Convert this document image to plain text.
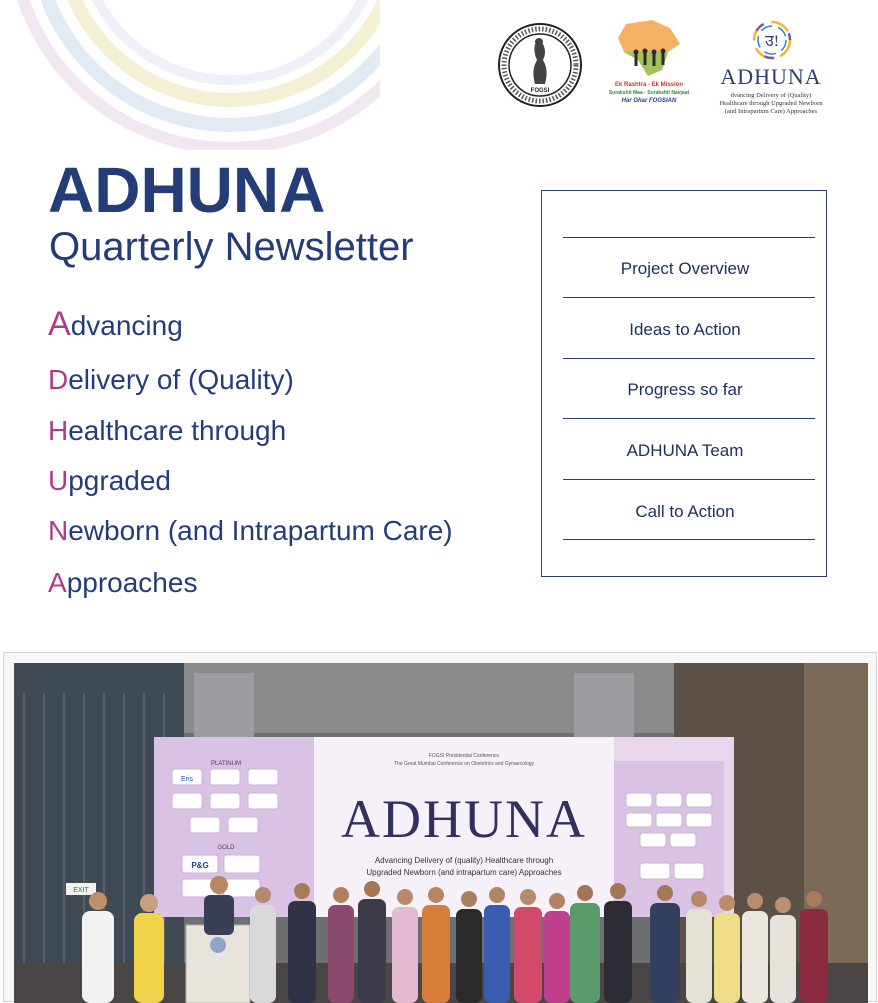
FOGSI
Ek Rashtra - Ek Mission
Surakshit Maa - Surakshit Navjaat
Har Ghar FOGSIAN
उ!
ADHUNA
dvancing Delivery of (Quality)
Healthcare through Upgraded Newborn
(and Intrapartum Care) Approaches
ADHUNA
Quarterly Newsletter

Advancing

Delivery of (Quality)

Healthcare through

Upgraded

Newborn (and Intrapartum Care)

Approaches

Project Overview
Ideas to Action
Progress so far
ADHUNA Team
Call to Action
PLATINUM
GOLD
Eris
P&G
FOGSI Presidential Conference
The Great Mumbai Conference on Obstetrics and Gynaecology
ADHUNA
Advancing Delivery of (quality) Healthcare through
Upgraded Newborn (and intrapartum care) Approaches
EXIT
